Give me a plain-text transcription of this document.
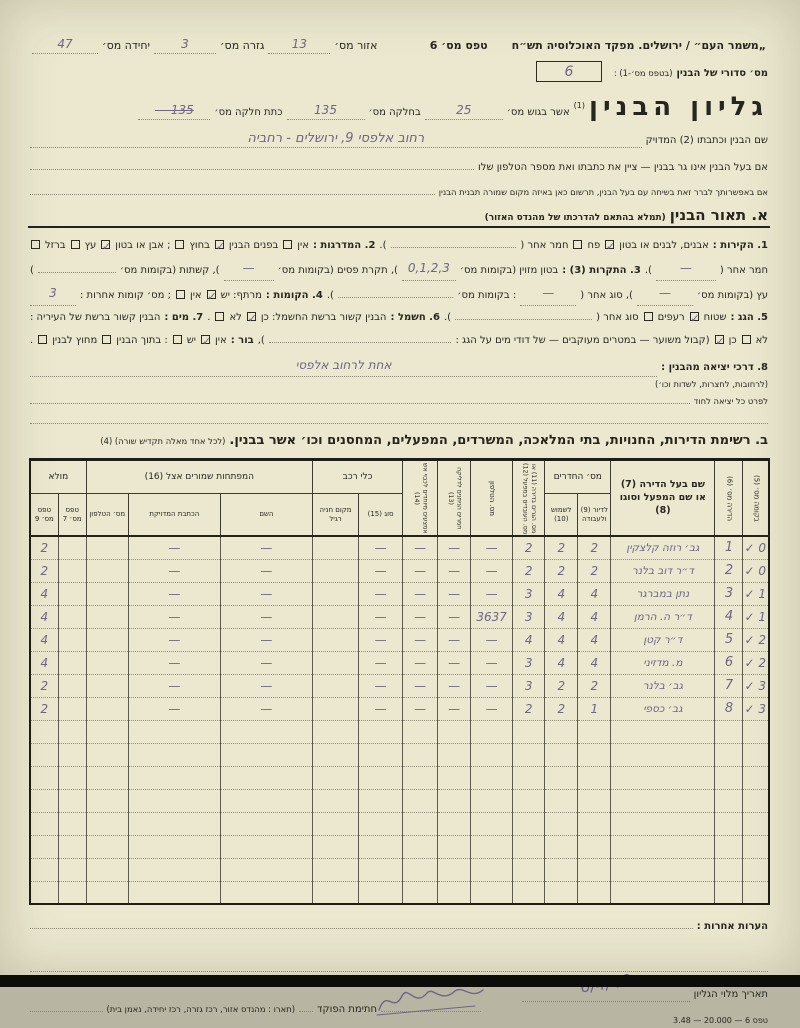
„משמר העם״ / ירושלים. מפקד האוכלוסיה תש״ח
טפס מס׳ 6
אזור מס׳
13
גזרה מס׳
3
יחידה מס׳
47
מס׳ סדורי של הבנין
(בטפס מס׳-1) :
6
גליון הבנין
(1)
אשר בגוש מס׳
25
בחלקה מס׳
135
כתת חלקה מס׳
135 —
שם הבנין וכתבתו (2) המדויק
רחוב אלפסי 9, ירושלים - רחביה
אם בעל הבנין אינו גר בבנין — ציין את כתבתו ואת מספר הטלפון שלו
אם באפשרותך לברר זאת בשיחה עם בעל הבנין, תרשום כאן באיזה מקום שמורה תבנית הבנין
א. תאור הבנין
(תמלא בהתאם להדרכתו של מהנדס האזור)
1. הקירות :
אבנים, לבנים או בטון
✓
פח
חמר אחר (
).
2. המדרגות :
אין
בפנים הבנין
✓
בחוץ
; אבן או בטון
✓
עץ
ברזל
חמר אחר (
—
).
3. התקרות (3) :
בטון מזוין (בקומות מס׳
0,1,2,3
), תקרת פסים (בקומות מס׳
—
), קשתות (בקומות מס׳
)
עץ (בקומות מס׳
—
), סוג אחר (
—
: בקומות מס׳
).
4. הקומות :
מרתף: יש
✓
אין
; מס׳ קומות אחרות :
3
5. הגג :
שטוח
✓
רעפים
סוג אחר (
).
6. חשמל :
הבנין קשור ברשת החשמל: כן
✓
לא
.
7. מים :
הבנין קשור ברשת של העיריה :
לא
כן
✓
(קבול משוער — במטרים מעוקבים — של דודי מים על הגג :
),
בור :
אין
✓
יש
: בתוך הבנין
מחוץ לבנין
.
8. דרכי יציאה מהבנין :
אחת לרחוב אלפסי
(לרחובות, לחצרות, לשדות וכו׳)
לפרט כל יציאה לחוד
ב. רשימת הדירות, החנויות, בתי המלאכה, המשרדים, המפעלים, המחסנים וכו׳ אשר בבנין.
(לכל אחד מאלה תקדיש שורה) (4)
בקומה מס׳ (5)	הדירה מס׳ (6)	שם בעל הדירה (7)
או שם המפעל וסוגו (8)	מס׳ החדרים		מס. הגרים בדירה (11) או מס. העובדים במפעל (12)	מס. הטלפון	חמרים הניתנים לדליקה (13)	אמצעים מיוחדים לכבוי אש (14)	כלי רכב		המפתחות שמורים אצל (16)			מולא	
			לדיור (9) ולעבודה	לשמוש (10)					סוג (15)	מקום חניה רגיל	השם	הכתבת המדויקת	מס׳ הטלפון	טפס מס׳ 7	טפס מס׳ 9
0 ✓	1	גב׳ רוזה קלצקין	2	2	2	—	—	—	—		—	—			2
0 ✓	2	ד״ר דוב בלנר	2	2	2	—	—	—	—		—	—			2
1 ✓	3	נתן במברגר	4	4	3	—	—	—	—		—	—			4
1 ✓	4	ד״ר ה. הרמן	4	4	3	3637	—	—	—		—	—			4
2 ✓	5	ד״ר קטן	4	4	4	—	—	—	—		—	—			4
2 ✓	6	מ. מדזיני	4	4	3	—	—	—	—		—	—			4
3 ✓	7	גב׳ בלנר	2	2	3	—	—	—	—		—	—			2
3 ✓	8	גב׳ כספי	1	2	2	—	—	—	—		—	—			2

הערות אחרות :
תאריך מלוי הגליון
חתימת הפוקד
(תארו : מהנדס אזור, רכז גזרה, רכז יחידה, נאמן בית)
טפס 6 — 20.000 — 3.48
